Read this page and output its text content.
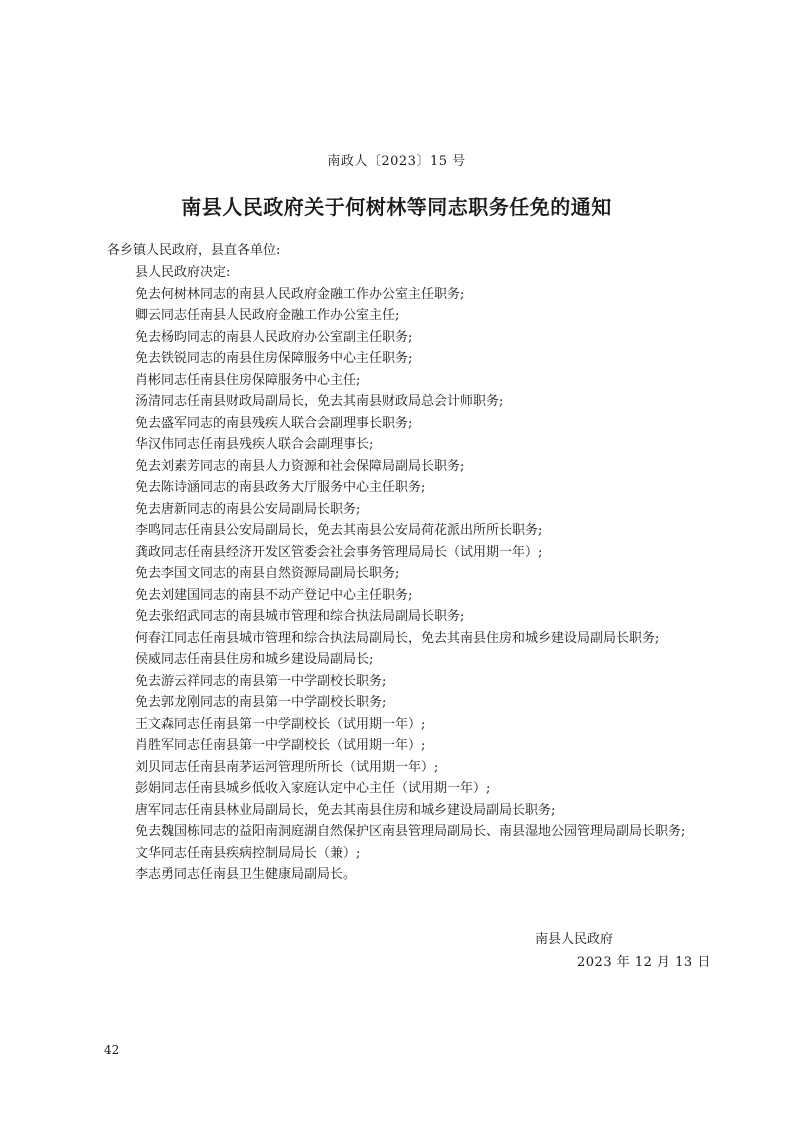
南政人〔2023〕15 号
南县人民政府关于何树林等同志职务任免的通知

各乡镇人民政府，县直各单位:

县人民政府决定:
免去何树林同志的南县人民政府金融工作办公室主任职务;
卿云同志任南县人民政府金融工作办公室主任;
免去杨昀同志的南县人民政府办公室副主任职务;
免去铁锐同志的南县住房保障服务中心主任职务;
肖彬同志任南县住房保障服务中心主任;
汤清同志任南县财政局副局长，免去其南县财政局总会计师职务;
免去盛军同志的南县残疾人联合会副理事长职务;
华汉伟同志任南县残疾人联合会副理事长;
免去刘素芳同志的南县人力资源和社会保障局副局长职务;
免去陈诗涵同志的南县政务大厅服务中心主任职务;
免去唐新同志的南县公安局副局长职务;
李鸣同志任南县公安局副局长，免去其南县公安局荷花派出所所长职务;
龚政同志任南县经济开发区管委会社会事务管理局局长（试用期一年）;
免去李国文同志的南县自然资源局副局长职务;
免去刘建国同志的南县不动产登记中心主任职务;
免去张绍武同志的南县城市管理和综合执法局副局长职务;
何春江同志任南县城市管理和综合执法局副局长，免去其南县住房和城乡建设局副局长职务;
侯威同志任南县住房和城乡建设局副局长;
免去游云祥同志的南县第一中学副校长职务;
免去郭龙刚同志的南县第一中学副校长职务;
王文森同志任南县第一中学副校长（试用期一年）;
肖胜军同志任南县第一中学副校长（试用期一年）;
刘贝同志任南县南茅运河管理所所长（试用期一年）;
彭娟同志任南县城乡低收入家庭认定中心主任（试用期一年）;
唐军同志任南县林业局副局长，免去其南县住房和城乡建设局副局长职务;
免去魏国栋同志的益阳南洞庭湖自然保护区南县管理局副局长、南县湿地公园管理局副局长职务;
文华同志任南县疾病控制局局长（兼）;
李志勇同志任南县卫生健康局副局长。
南县人民政府
2023 年 12 月 13 日
42
